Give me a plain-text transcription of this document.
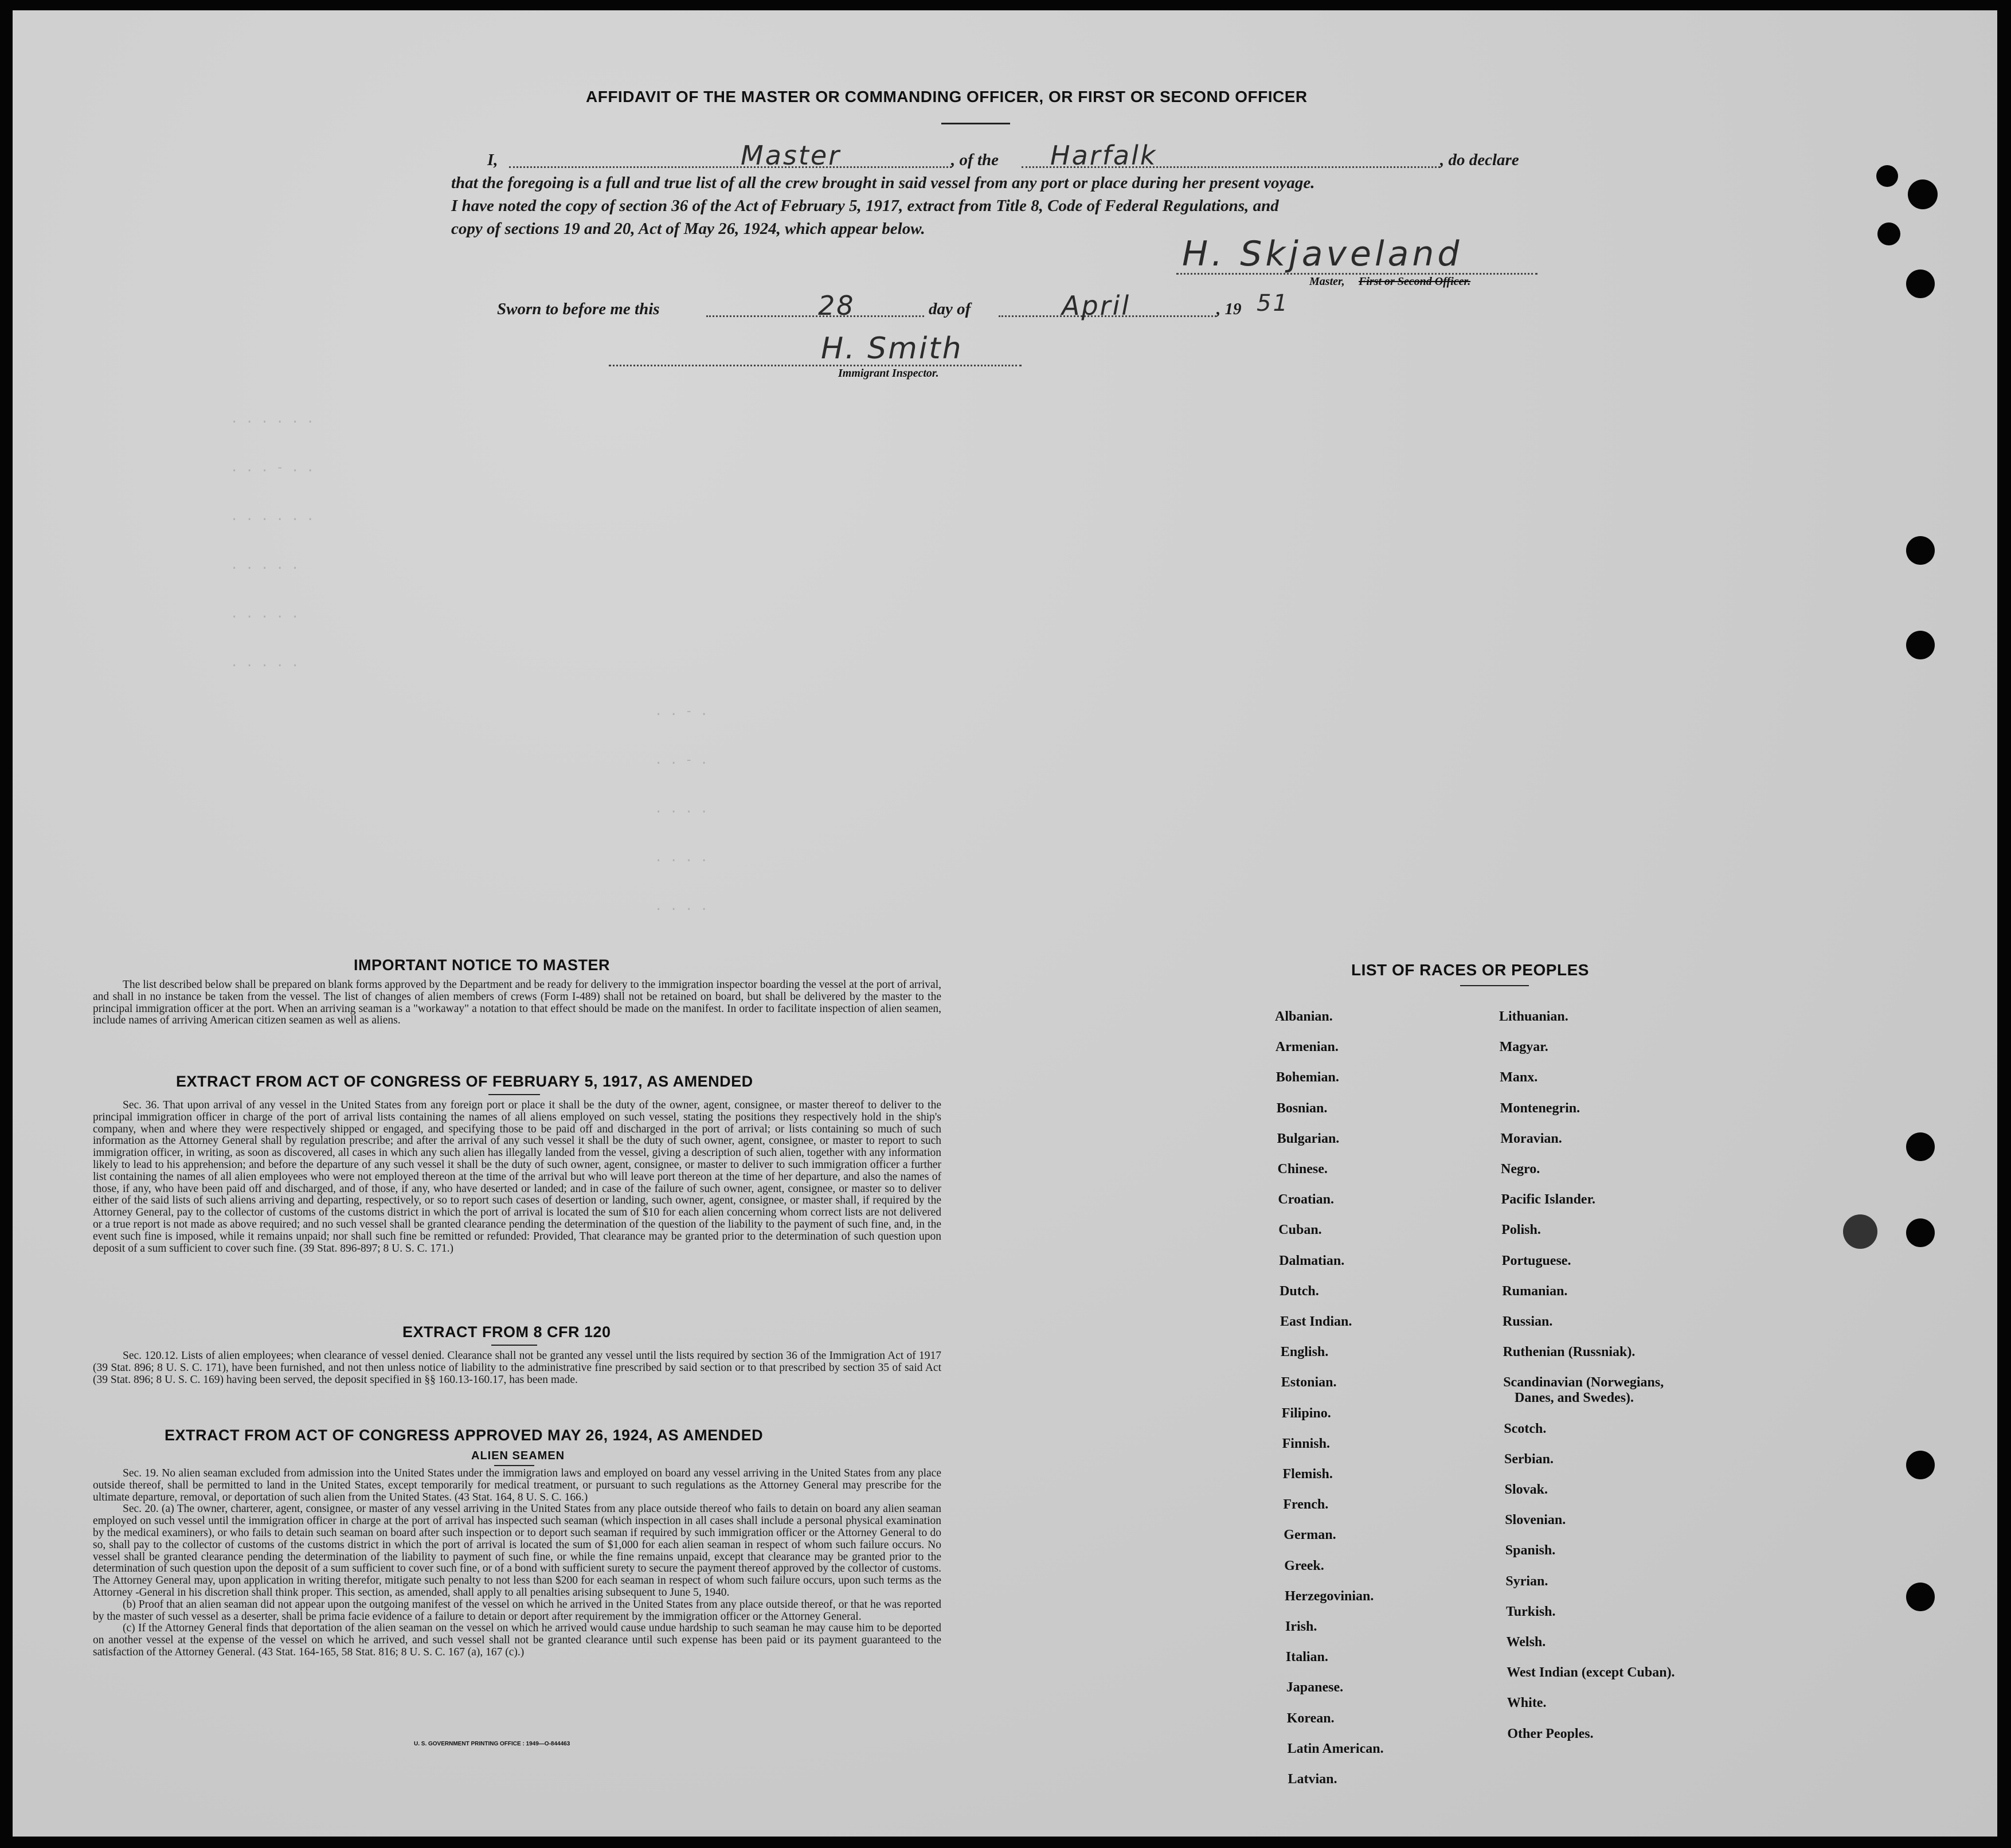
AFFIDAVIT OF THE MASTER OR COMMANDING OFFICER, OR FIRST OR SECOND OFFICER
I,	Master	, of the Harfalk	, do declare
that the foregoing is a full and true list of all the crew brought in said vessel from any port or place during her present voyage.
I have noted the copy of section 36 of the Act of February 5, 1917, extract from Title 8, Code of Federal Regulations, and
copy of sections 19 and 20, Act of May 26, 1924, which appear below.
H. Skjaveland
Master, First or Second Officer.
Sworn to before me this	28	day of	April	, 19 51
H. Smith
Immigrant Inspector.
. . . . . .
. . . - . .
. . . . . .
. . . . .
. . . . .
. . . . .
. . - .
. . - .
. . . .
. . . .
. . . .
IMPORTANT NOTICE TO MASTER

The list described below shall be prepared on blank forms approved by the Department and be ready for delivery to the immigration inspector boarding the vessel at the port of arrival, and shall in no instance be taken from the vessel. The list of changes of alien members of crews (Form I-489) shall not be retained on board, but shall be delivered by the master to the principal immigration officer at the port. When an arriving seaman is a "workaway" a notation to that effect should be made on the manifest. In order to facilitate inspection of alien seamen, include names of arriving American citizen seamen as well as aliens.

EXTRACT FROM ACT OF CONGRESS OF FEBRUARY 5, 1917, AS AMENDED

Sec. 36. That upon arrival of any vessel in the United States from any foreign port or place it shall be the duty of the owner, agent, consignee, or master thereof to deliver to the principal immigration officer in charge of the port of arrival lists containing the names of all aliens employed on such vessel, stating the positions they respectively hold in the ship's company, when and where they were respectively shipped or engaged, and specifying those to be paid off and discharged in the port of arrival; or lists containing so much of such information as the Attorney General shall by regulation prescribe; and after the arrival of any such vessel it shall be the duty of such owner, agent, consignee, or master to report to such immigration officer, in writing, as soon as discovered, all cases in which any such alien has illegally landed from the vessel, giving a description of such alien, together with any information likely to lead to his apprehension; and before the departure of any such vessel it shall be the duty of such owner, agent, consignee, or master to deliver to such immigration officer a further list containing the names of all alien employees who were not employed thereon at the time of the arrival but who will leave port thereon at the time of her departure, and also the names of those, if any, who have been paid off and discharged, and of those, if any, who have deserted or landed; and in case of the failure of such owner, agent, consignee, or master so to deliver either of the said lists of such aliens arriving and departing, respectively, or so to report such cases of desertion or landing, such owner, agent, consignee, or master shall, if required by the Attorney General, pay to the collector of customs of the customs district in which the port of arrival is located the sum of $10 for each alien concerning whom correct lists are not delivered or a true report is not made as above required; and no such vessel shall be granted clearance pending the determination of the question of the liability to the payment of such fine, and, in the event such fine is imposed, while it remains unpaid; nor shall such fine be remitted or refunded: Provided, That clearance may be granted prior to the determination of such question upon deposit of a sum sufficient to cover such fine. (39 Stat. 896-897; 8 U. S. C. 171.)

EXTRACT FROM 8 CFR 120

Sec. 120.12. Lists of alien employees; when clearance of vessel denied. Clearance shall not be granted any vessel until the lists required by section 36 of the Immigration Act of 1917 (39 Stat. 896; 8 U. S. C. 171), have been furnished, and not then unless notice of liability to the administrative fine prescribed by said section or to that prescribed by section 35 of said Act (39 Stat. 896; 8 U. S. C. 169) having been served, the deposit specified in §§ 160.13-160.17, has been made.

EXTRACT FROM ACT OF CONGRESS APPROVED MAY 26, 1924, AS AMENDED
ALIEN SEAMEN

Sec. 19. No alien seaman excluded from admission into the United States under the immigration laws and employed on board any vessel arriving in the United States from any place outside thereof, shall be permitted to land in the United States, except temporarily for medical treatment, or pursuant to such regulations as the Attorney General may prescribe for the ultimate departure, removal, or deportation of such alien from the United States. (43 Stat. 164, 8 U. S. C. 166.)

Sec. 20. (a) The owner, charterer, agent, consignee, or master of any vessel arriving in the United States from any place outside thereof who fails to detain on board any alien seaman employed on such vessel until the immigration officer in charge at the port of arrival has inspected such seaman (which inspection in all cases shall include a personal physical examination by the medical examiners), or who fails to detain such seaman on board after such inspection or to deport such seaman if required by such immigration officer or the Attorney General to do so, shall pay to the collector of customs of the customs district in which the port of arrival is located the sum of $1,000 for each alien seaman in respect of whom such failure occurs. No vessel shall be granted clearance pending the determination of the liability to payment of such fine, or while the fine remains unpaid, except that clearance may be granted prior to the determination of such question upon the deposit of a sum sufficient to cover such fine, or of a bond with sufficient surety to secure the payment thereof approved by the collector of customs. The Attorney General may, upon application in writing therefor, mitigate such penalty to not less than $200 for each seaman in respect of whom such failure occurs, upon such terms as the Attorney -General in his discretion shall think proper. This section, as amended, shall apply to all penalties arising subsequent to June 5, 1940.

(b) Proof that an alien seaman did not appear upon the outgoing manifest of the vessel on which he arrived in the United States from any place outside thereof, or that he was reported by the master of such vessel as a deserter, shall be prima facie evidence of a failure to detain or deport after requirement by the immigration officer or the Attorney General.

(c) If the Attorney General finds that deportation of the alien seaman on the vessel on which he arrived would cause undue hardship to such seaman he may cause him to be deported on another vessel at the expense of the vessel on which he arrived, and such vessel shall not be granted clearance until such expense has been paid or its payment guaranteed to the satisfaction of the Attorney General. (43 Stat. 164-165, 58 Stat. 816; 8 U. S. C. 167 (a), 167 (c).)

U. S. GOVERNMENT PRINTING OFFICE : 1949—O-844463
LIST OF RACES OR PEOPLES
Albanian.
Armenian.
Bohemian.
Bosnian.
Bulgarian.
Chinese.
Croatian.
Cuban.
Dalmatian.
Dutch.
East Indian.
English.
Estonian.
Filipino.
Finnish.
Flemish.
French.
German.
Greek.
Herzegovinian.
Irish.
Italian.
Japanese.
Korean.
Latin American.
Latvian.
Lithuanian.
Magyar.
Manx.
Montenegrin.
Moravian.
Negro.
Pacific Islander.
Polish.
Portuguese.
Rumanian.
Russian.
Ruthenian (Russniak).
Scandinavian (Norwegians,
Danes, and Swedes).
Scotch.
Serbian.
Slovak.
Slovenian.
Spanish.
Syrian.
Turkish.
Welsh.
West Indian (except Cuban).
White.
Other Peoples.
